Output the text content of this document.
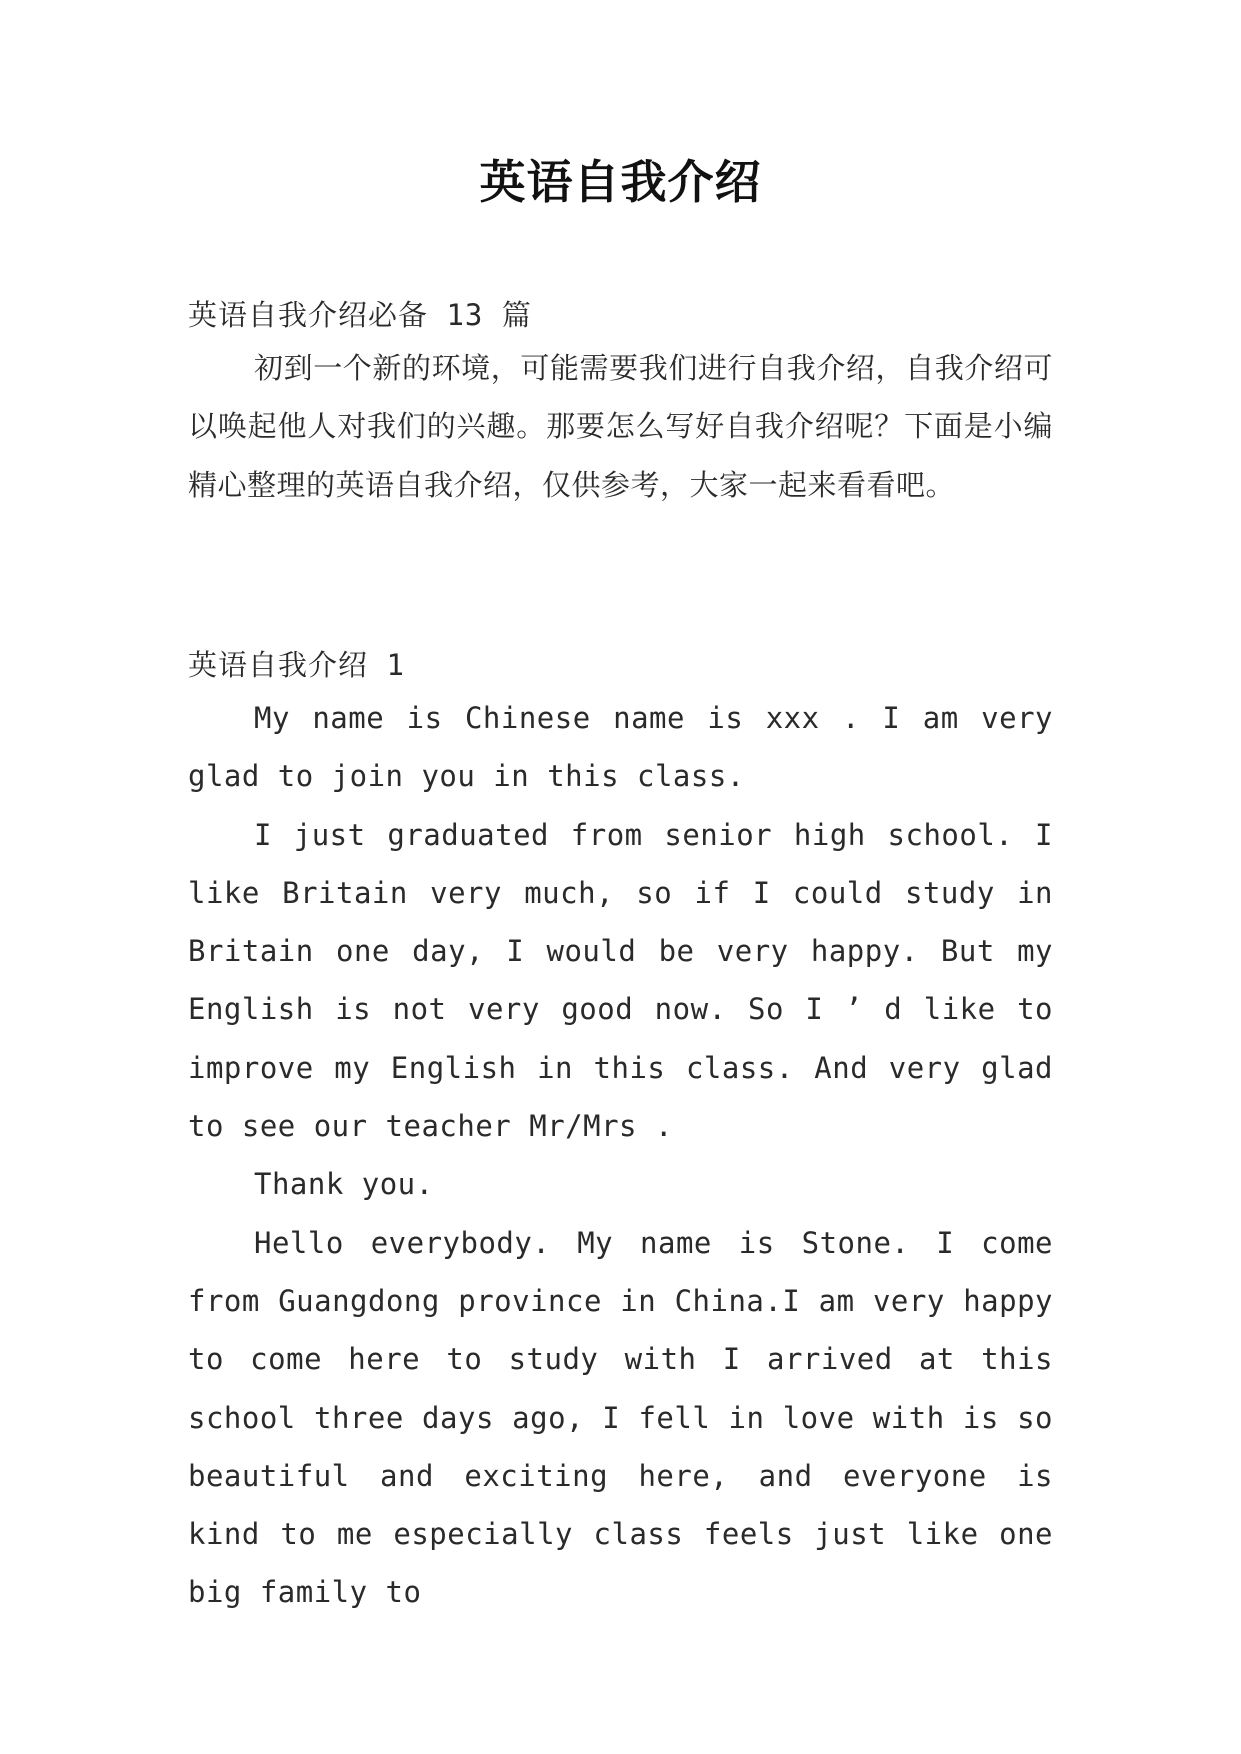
英语自我介绍
英语自我介绍必备 13 篇

初到一个新的环境，可能需要我们进行自我介绍，自我介绍可以唤起他人对我们的兴趣。那要怎么写好自我介绍呢？下面是小编精心整理的英语自我介绍，仅供参考，大家一起来看看吧。

英语自我介绍 1

My name is Chinese name is xxx . I am very glad to join you in this class.

I just graduated from senior high school. I like Britain very much, so if I could study in Britain one day, I would be very happy. But my English is not very good now. So I ’ d like to improve my English in this class. And very glad to see our teacher Mr/Mrs .

Thank you.

Hello everybody. My name is Stone. I come from Guangdong province in China.I am very happy to come here to study with I arrived at this school three days ago, I fell in love with is so beautiful and exciting here, and everyone is kind to me especially class feels just like one big family to
